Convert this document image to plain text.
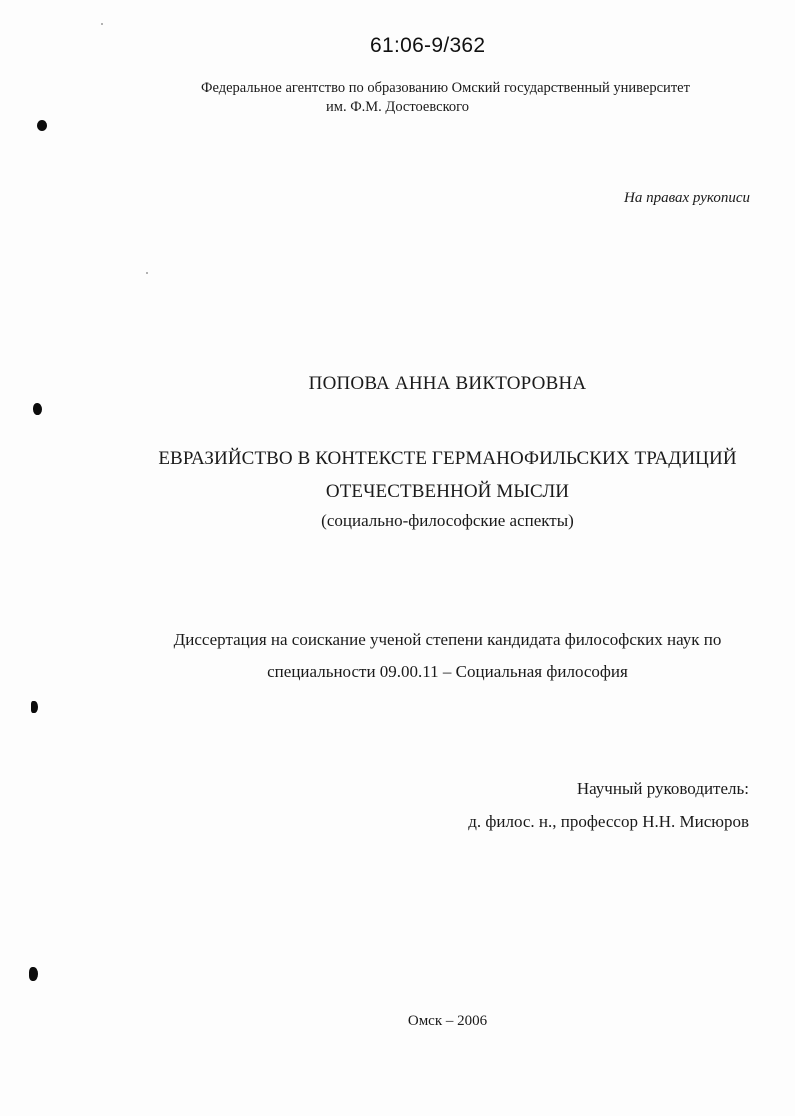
61:06-9/362
Федеральное агентство по образованию Омский государственный университет
им. Ф.М. Достоевского
На правах рукописи
ПОПОВА АННА ВИКТОРОВНА
ЕВРАЗИЙСТВО В КОНТЕКСТЕ ГЕРМАНОФИЛЬСКИХ ТРАДИЦИЙ
ОТЕЧЕСТВЕННОЙ МЫСЛИ
(социально-философские аспекты)
Диссертация на соискание ученой степени кандидата философских наук по
специальности 09.00.11 – Социальная философия
Научный руководитель:
д. филос. н., профессор Н.Н. Мисюров
Омск – 2006
